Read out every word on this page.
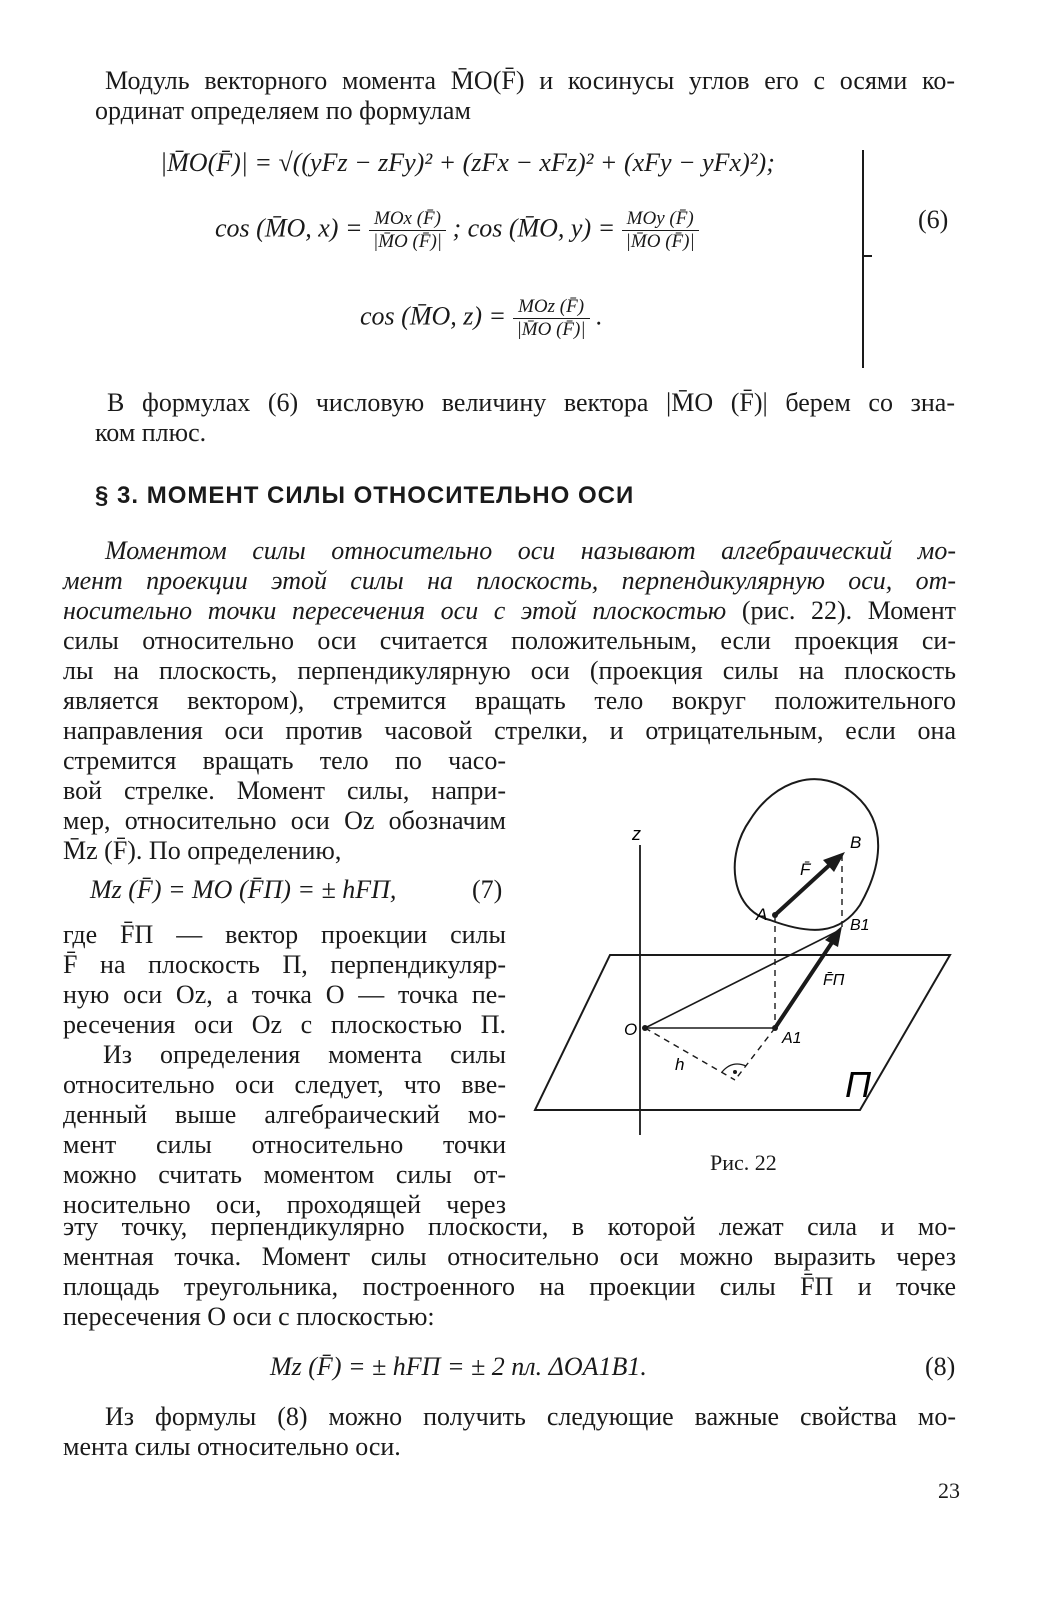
Модуль векторного момента M̄O(F̄) и косинусы углов его с осями ко-
ординат определяем по формулам
|M̄O(F̄)| = √((yFz − zFy)² + (zFx − xFz)² + (xFy − yFx)²);
cos (M̄O, $x) = \frac{\text{MOx (F̄)}}{|M̄O (F̄)|}$ ; cos (M̄O, $y) = \frac{\text{MOy (F̄)}}{|M̄O (F̄)|}$
cos (M̄O, $z) = \frac{\text{MOz (F̄)}}{|M̄O (F̄)|}$ .
(6)
В формулах (6) числовую величину вектора |M̄O (F̄)| берем со зна-
ком плюс.
§ 3. МОМЕНТ СИЛЫ ОТНОСИТЕЛЬНО ОСИ
Моментом силы относительно оси называют алгебраический мо-
мент проекции этой силы на плоскость, перпендикулярную оси, от-
носительно точки пересечения оси с этой плоскостью (рис. 22). Момент
силы относительно оси считается положительным, если проекция си-
лы на плоскость, перпендикулярную оси (проекция силы на плоскость
является вектором), стремится вращать тело вокруг положительного
направления оси против часовой стрелки, и отрицательным, если она
стремится вращать тело по часо-
вой стрелке. Момент силы, напри-
мер, относительно оси Oz обозначим
M̄z (F̄). По определению,
Mz (F̄) = MO (F̄П) = ± hFП,	(7)
где F̄П — вектор проекции силы
F̄ на плоскость П, перпендикуляр-
ную оси Oz, а точка O — точка пе-
ресечения оси Oz с плоскостью П.
Из определения момента силы
относительно оси следует, что вве-
денный выше алгебраический мо-
мент силы относительно точки
можно считать моментом силы от-
носительно оси, проходящей через
z
F̄
B
A
B1
F̄П
O	A1
h	П
Рис. 22
эту точку, перпендикулярно плоскости, в которой лежат сила и мо-
ментная точка. Момент силы относительно оси можно выразить через
площадь треугольника, построенного на проекции силы F̄П и точке
пересечения O оси с плоскостью:
Mz (F̄) = ± hFП = ± 2 пл. ΔOA1B1.	(8)
Из формулы (8) можно получить следующие важные свойства мо-
мента силы относительно оси.
23
